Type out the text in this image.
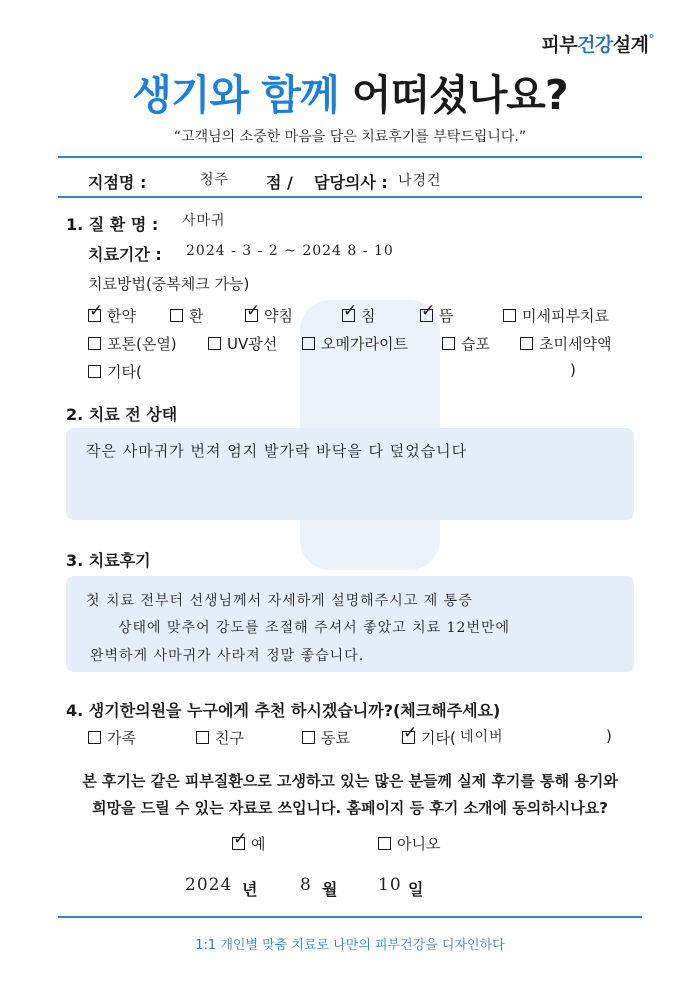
피부건강설계°
생기와 함께 어떠셨나요?
“고객님의 소중한 마음을 담은 치료후기를 부탁드립니다.”
지점명 :	청주 점 / 담당의사 : 나경건
1. 질 환 명 : 사마귀
치료기간 : 2024 - 3 - 2 ~ 2024 8 - 10
치료방법(중복체크 가능)
✓ 한약	환	✓ 약침	✓ 침	✓ 뜸	미세피부치료
포톤(온열)	UV광선	오메가라이트	습포	초미세약액
기타(	)
2. 치료 전 상태
작은 사마귀가 번져 엄지 발가락 바닥을 다 덮었습니다
3. 치료후기
첫 치료 전부터 선생님께서 자세하게 설명해주시고 제 통증
상태에 맞추어 강도를 조절해 주셔서 좋았고 치료 12번만에
완벽하게 사마귀가 사라져 정말 좋습니다.
4. 생기한의원을 누구에게 추천 하시겠습니까?(체크해주세요)
가족	친구	동료	✓ 기타( 네이버	)
본 후기는 같은 피부질환으로 고생하고 있는 많은 분들께 실제 후기를 통해 용기와
희망을 드릴 수 있는 자료로 쓰입니다. 홈페이지 등 후기 소개에 동의하시나요?
✓ 예	아니오
2024 년	8 월 10 일
1:1 개인별 맞춤 치료로 나만의 피부건강을 디자인하다
